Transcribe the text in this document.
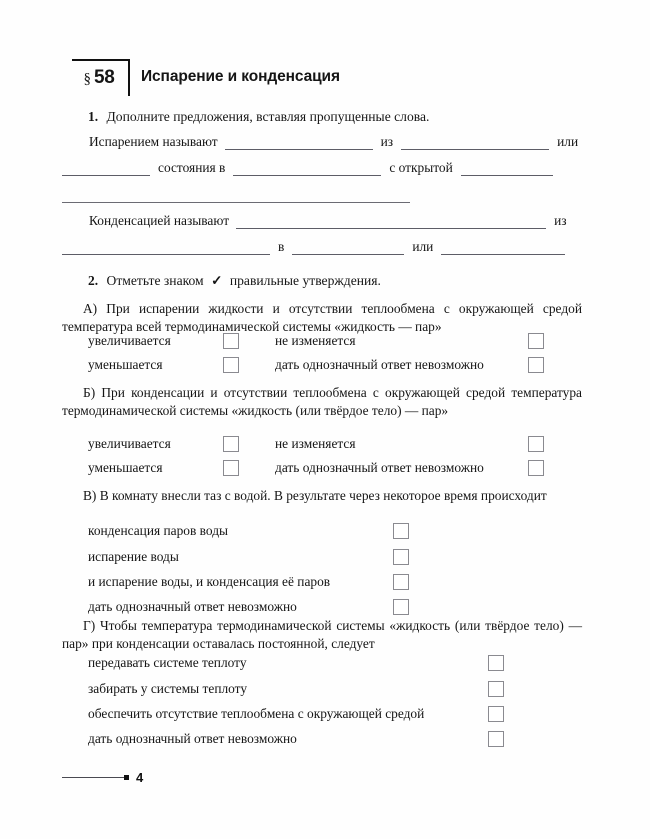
§ 58 Испарение и конденсация
1. Дополните предложения, вставляя пропущенные слова.
Испарением называют	из	или
состояния в	с открытой
Конденсацией называют	из
в	или
2. Отметьте знаком ✓ правильные утверждения.
А) При испарении жидкости и отсутствии теплообмена с окружающей средой температура всей термодинамической системы «жидкость — пар»
увеличивается	не изменяется
уменьшается	дать однозначный ответ невозможно
Б) При конденсации и отсутствии теплообмена с окружающей средой температура термодинамической системы «жидкость (или твёрдое тело) — пар»
увеличивается	не изменяется
уменьшается	дать однозначный ответ невозможно
В) В комнату внесли таз с водой. В результате через некоторое время происходит
конденсация паров воды
испарение воды
и испарение воды, и конденсация её паров
дать однозначный ответ невозможно
Г) Чтобы температура термодинамической системы «жидкость (или твёрдое тело) — пар» при конденсации оставалась постоянной, следует
передавать системе теплоту
забирать у системы теплоту
обеспечить отсутствие теплообмена с окружающей средой
дать однозначный ответ невозможно
4
